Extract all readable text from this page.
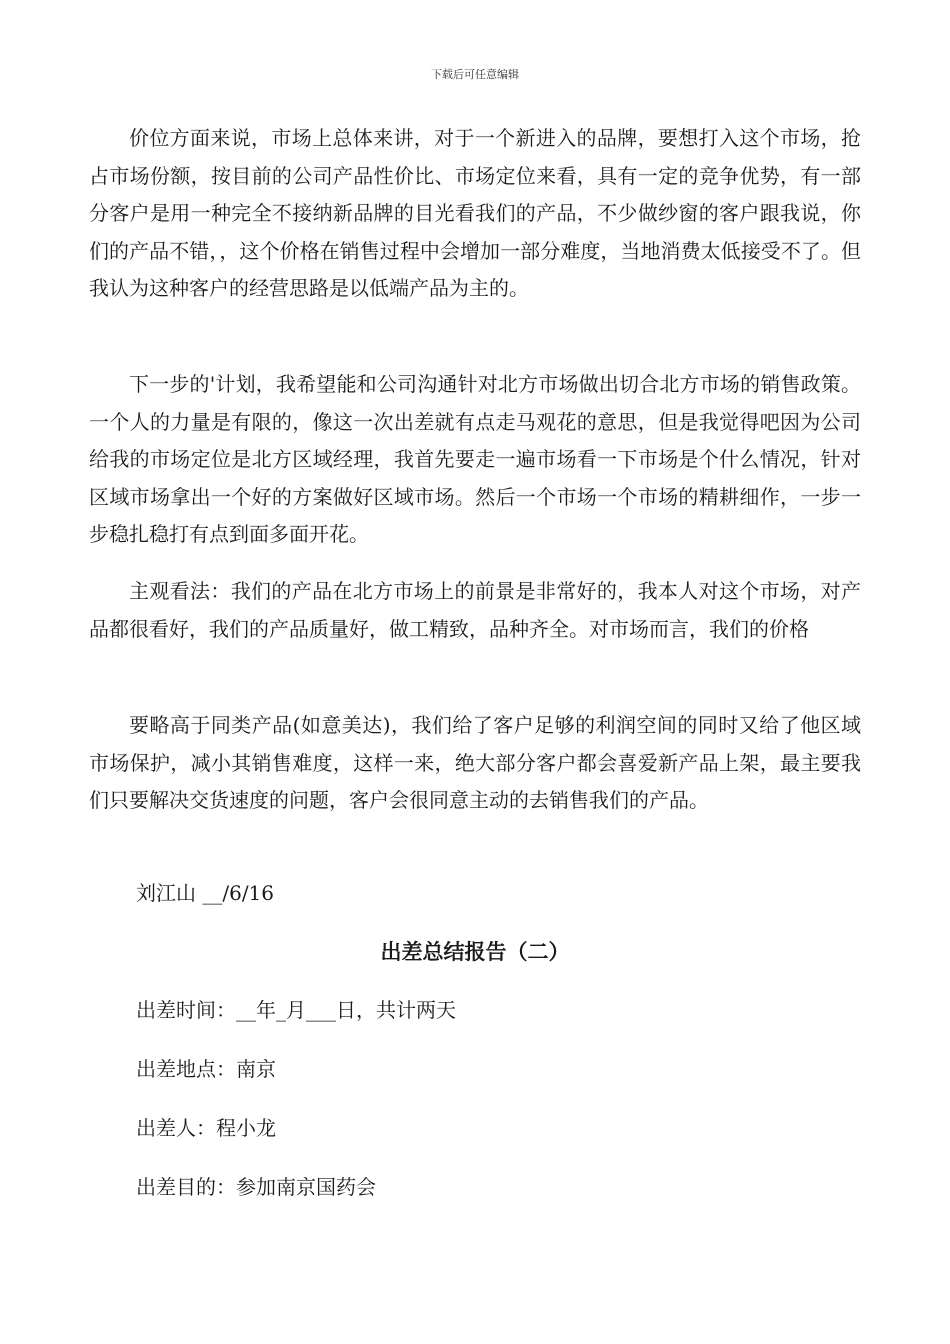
下载后可任意编辑

价位方面来说，市场上总体来讲，对于一个新进入的品牌，要想打入这个市场，抢占市场份额，按目前的公司产品性价比、市场定位来看，具有一定的竞争优势，有一部分客户是用一种完全不接纳新品牌的目光看我们的产品，不少做纱窗的客户跟我说，你们的产品不错，，这个价格在销售过程中会增加一部分难度，当地消费太低接受不了。但我认为这种客户的经营思路是以低端产品为主的。

下一步的'计划，我希望能和公司沟通针对北方市场做出切合北方市场的销售政策。一个人的力量是有限的，像这一次出差就有点走马观花的意思，但是我觉得吧因为公司给我的市场定位是北方区域经理，我首先要走一遍市场看一下市场是个什么情况，针对区域市场拿出一个好的方案做好区域市场。然后一个市场一个市场的精耕细作，一步一步稳扎稳打有点到面多面开花。

主观看法：我们的产品在北方市场上的前景是非常好的，我本人对这个市场，对产品都很看好，我们的产品质量好，做工精致，品种齐全。对市场而言，我们的价格

要略高于同类产品(如意美达)，我们给了客户足够的利润空间的同时又给了他区域市场保护，减小其销售难度，这样一来，绝大部分客户都会喜爱新产品上架，最主要我们只要解决交货速度的问题，客户会很同意主动的去销售我们的产品。

刘江山 __/6/16

出差总结报告（二）

出差时间：__年_月___日，共计两天

出差地点：南京

出差人：程小龙

出差目的：参加南京国药会
